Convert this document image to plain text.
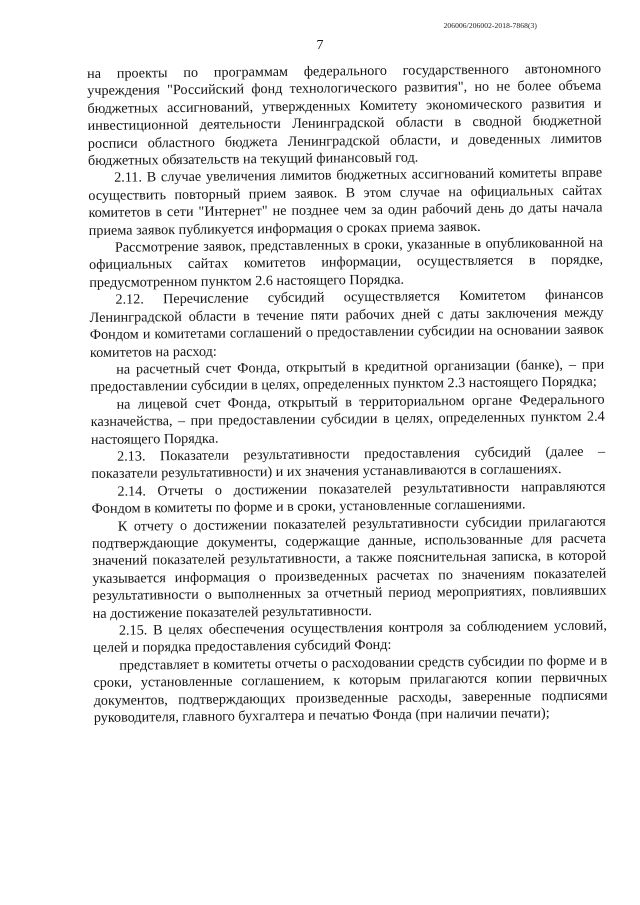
206006/206002-2018-7868(3)
7

на проекты по программам федерального государственного автономного учреждения "Российский фонд технологического развития", но не более объема бюджетных ассигнований, утвержденных Комитету экономического развития и инвестиционной деятельности Ленинградской области в сводной бюджетной росписи областного бюджета Ленинградской области, и доведенных лимитов бюджетных обязательств на текущий финансовый год.

2.11. В случае увеличения лимитов бюджетных ассигнований комитеты вправе осуществить повторный прием заявок. В этом случае на официальных сайтах комитетов в сети "Интернет" не позднее чем за один рабочий день до даты начала приема заявок публикуется информация о сроках приема заявок.

Рассмотрение заявок, представленных в сроки, указанные в опубликованной на официальных сайтах комитетов информации, осуществляется в порядке, предусмотренном пунктом 2.6 настоящего Порядка.

2.12. Перечисление субсидий осуществляется Комитетом финансов Ленинградской области в течение пяти рабочих дней с даты заключения между Фондом и комитетами соглашений о предоставлении субсидии на основании заявок комитетов на расход:

на расчетный счет Фонда, открытый в кредитной организации (банке), – при предоставлении субсидии в целях, определенных пунктом 2.3 настоящего Порядка;

на лицевой счет Фонда, открытый в территориальном органе Федерального казначейства, – при предоставлении субсидии в целях, определенных пунктом 2.4 настоящего Порядка.

2.13. Показатели результативности предоставления субсидий (далее – показатели результативности) и их значения устанавливаются в соглашениях.

2.14. Отчеты о достижении показателей результативности направляются Фондом в комитеты по форме и в сроки, установленные соглашениями.

К отчету о достижении показателей результативности субсидии прилагаются подтверждающие документы, содержащие данные, использованные для расчета значений показателей результативности, а также пояснительная записка, в которой указывается информация о произведенных расчетах по значениям показателей результативности о выполненных за отчетный период мероприятиях, повлиявших на достижение показателей результативности.

2.15. В целях обеспечения осуществления контроля за соблюдением условий, целей и порядка предоставления субсидий Фонд:

представляет в комитеты отчеты о расходовании средств субсидии по форме и в сроки, установленные соглашением, к которым прилагаются копии первичных документов, подтверждающих произведенные расходы, заверенные подписями руководителя, главного бухгалтера и печатью Фонда (при наличии печати);
